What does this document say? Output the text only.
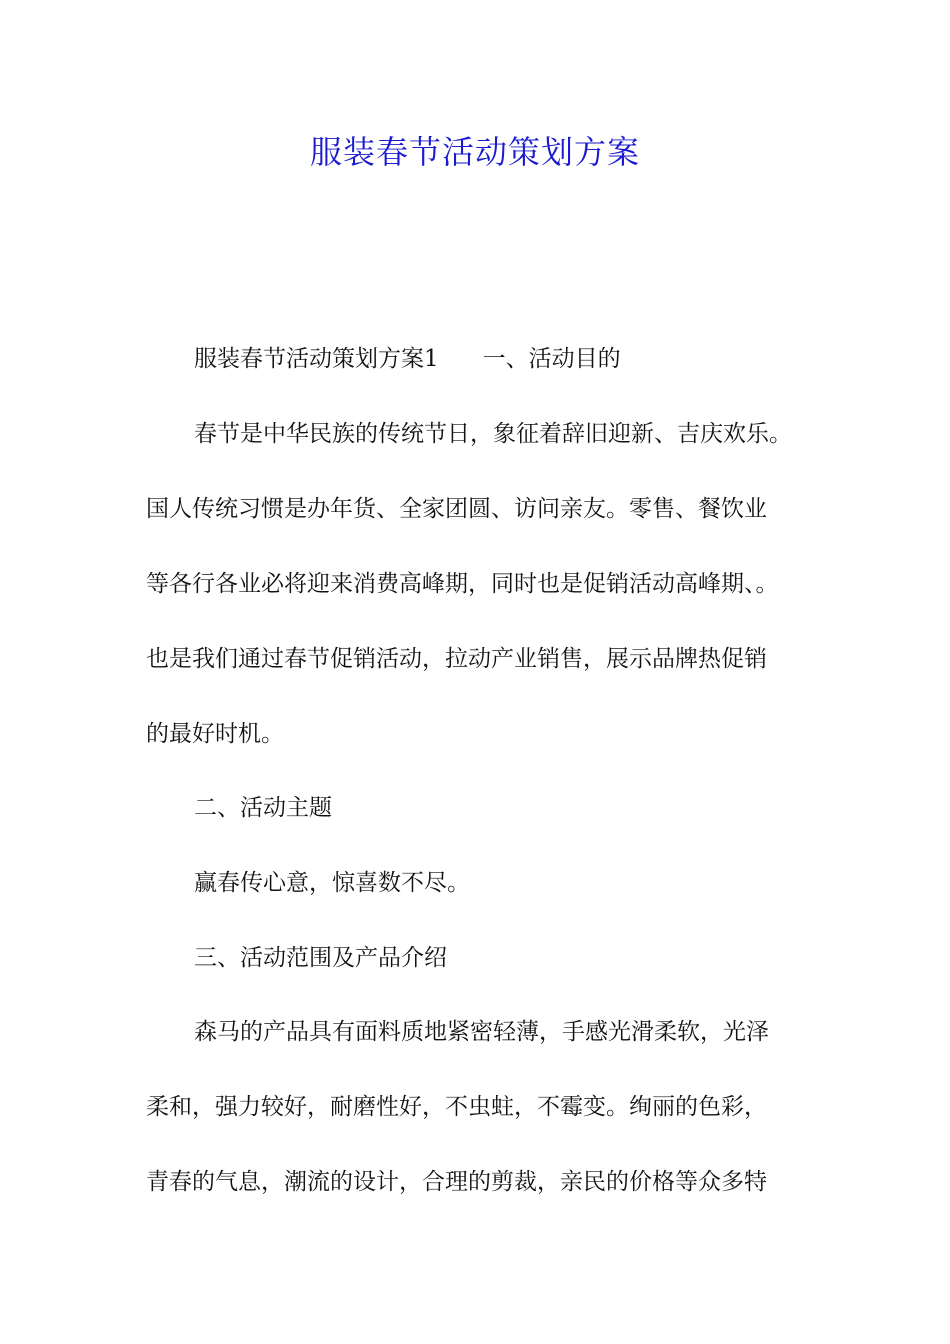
服装春节活动策划方案
服装春节活动策划方案1 一、活动目的
春节是中华民族的传统节日，象征着辞旧迎新、吉庆欢乐。
国人传统习惯是办年货、全家团圆、访问亲友。零售、餐饮业
等各行各业必将迎来消费高峰期，同时也是促销活动高峰期、。
也是我们通过春节促销活动，拉动产业销售，展示品牌热促销
的最好时机。
二、活动主题
赢春传心意，惊喜数不尽。
三、活动范围及产品介绍
森马的产品具有面料质地紧密轻薄，手感光滑柔软，光泽
柔和，强力较好，耐磨性好，不虫蛀，不霉变。绚丽的色彩，
青春的气息，潮流的设计，合理的剪裁，亲民的价格等众多特
